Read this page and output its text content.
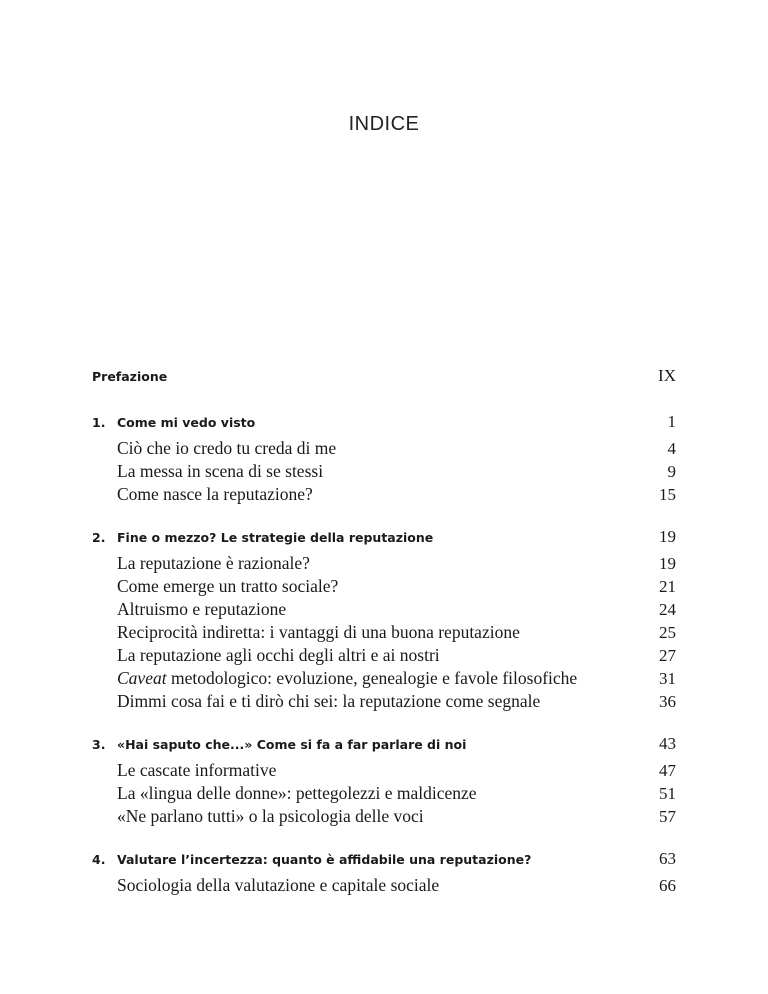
INDICE
Prefazione	IX
1. Come mi vedo visto	1
Ciò che io credo tu creda di me	4
La messa in scena di se stessi	9
Come nasce la reputazione?	15
2. Fine o mezzo? Le strategie della reputazione	19
La reputazione è razionale?	19
Come emerge un tratto sociale?	21
Altruismo e reputazione	24
Reciprocità indiretta: i vantaggi di una buona reputazione	25
La reputazione agli occhi degli altri e ai nostri	27
Caveat metodologico: evoluzione, genealogie e favole filosofiche	31
Dimmi cosa fai e ti dirò chi sei: la reputazione come segnale	36
3. «Hai saputo che...» Come si fa a far parlare di noi	43
Le cascate informative	47
La «lingua delle donne»: pettegolezzi e maldicenze	51
«Ne parlano tutti» o la psicologia delle voci	57
4. Valutare l’incertezza: quanto è affidabile una reputazione?	63
Sociologia della valutazione e capitale sociale	66
